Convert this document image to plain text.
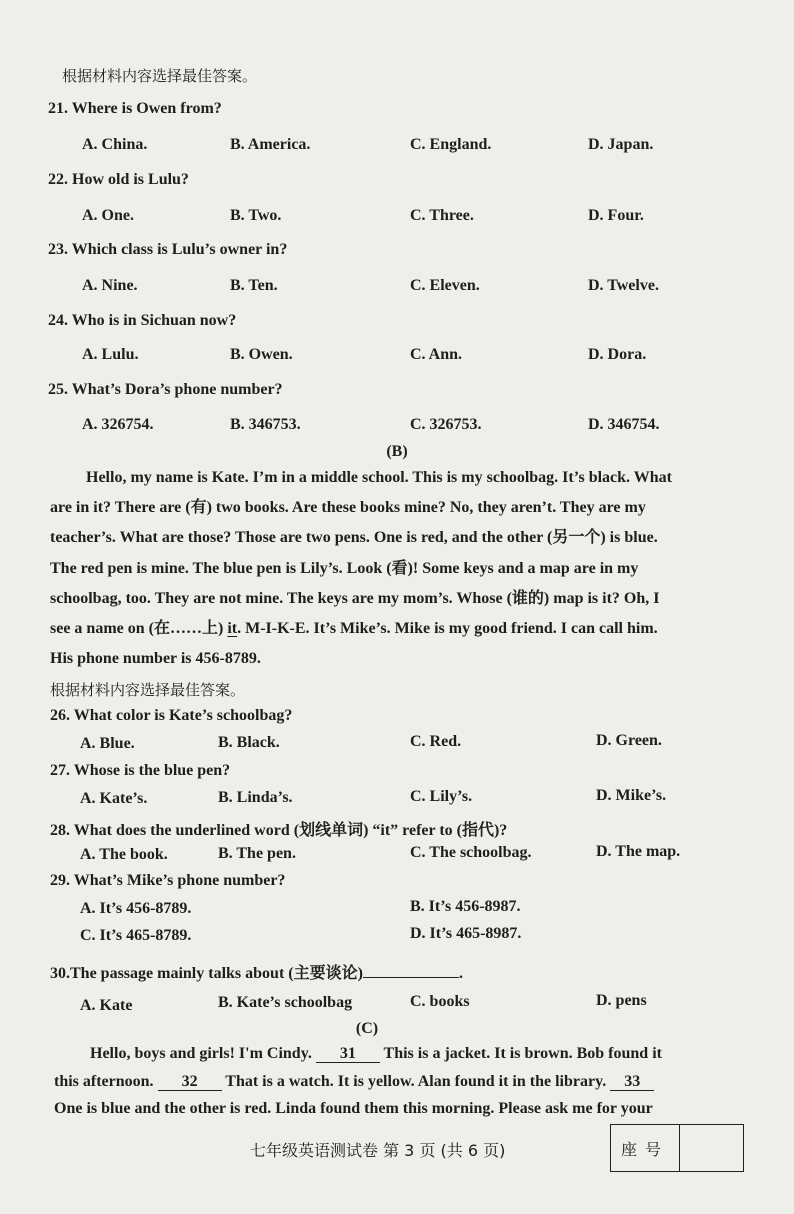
根据材料内容选择最佳答案。
21. Where is Owen from?
A. China.	B. America.	C. England.	D. Japan.
22. How old is Lulu?
A. One.	B. Two.	C. Three.	D. Four.
23. Which class is Lulu’s owner in?
A. Nine.	B. Ten.	C. Eleven.	D. Twelve.
24. Who is in Sichuan now?
A. Lulu.	B. Owen.	C. Ann.	D. Dora.
25. What’s Dora’s phone number?
A. 326754.	B. 346753.	C. 326753.	D. 346754.
(B)
Hello, my name is Kate. I’m in a middle school. This is my schoolbag. It’s black. What
are in it? There are (有) two books. Are these books mine? No, they aren’t. They are my
teacher’s. What are those? Those are two pens. One is red, and the other (另一个) is blue.
The red pen is mine. The blue pen is Lily’s. Look (看)! Some keys and a map are in my
schoolbag, too. They are not mine. The keys are my mom’s. Whose (谁的) map is it? Oh, I
see a name on (在……上) it. M-I-K-E. It’s Mike’s. Mike is my good friend. I can call him.
His phone number is 456-8789.
根据材料内容选择最佳答案。
26. What color is Kate’s schoolbag?
A. Blue.	B. Black.	C. Red.	D. Green.
27. Whose is the blue pen?
A. Kate’s.	B. Linda’s.	C. Lily’s.	D. Mike’s.
28. What does the underlined word (划线单词) “it” refer to (指代)?
A. The book.	B. The pen.	C. The schoolbag.	D. The map.
29. What’s Mike’s phone number?
A. It’s 456-8789.	B. It’s 456-8987.
C. It’s 465-8789.	D. It’s 465-8987.
30.The passage mainly talks about (主要谈论)	.
A. Kate	B. Kate’s schoolbag	C. books	D. pens
(C)
Hello, boys and girls! I'm Cindy. 31 This is a jacket. It is brown. Bob found it
this afternoon. 32 That is a watch. It is yellow. Alan found it in the library. 33
One is blue and the other is red. Linda found them this morning. Please ask me for your
七年级英语测试卷 第 3 页 (共 6 页)	座号
